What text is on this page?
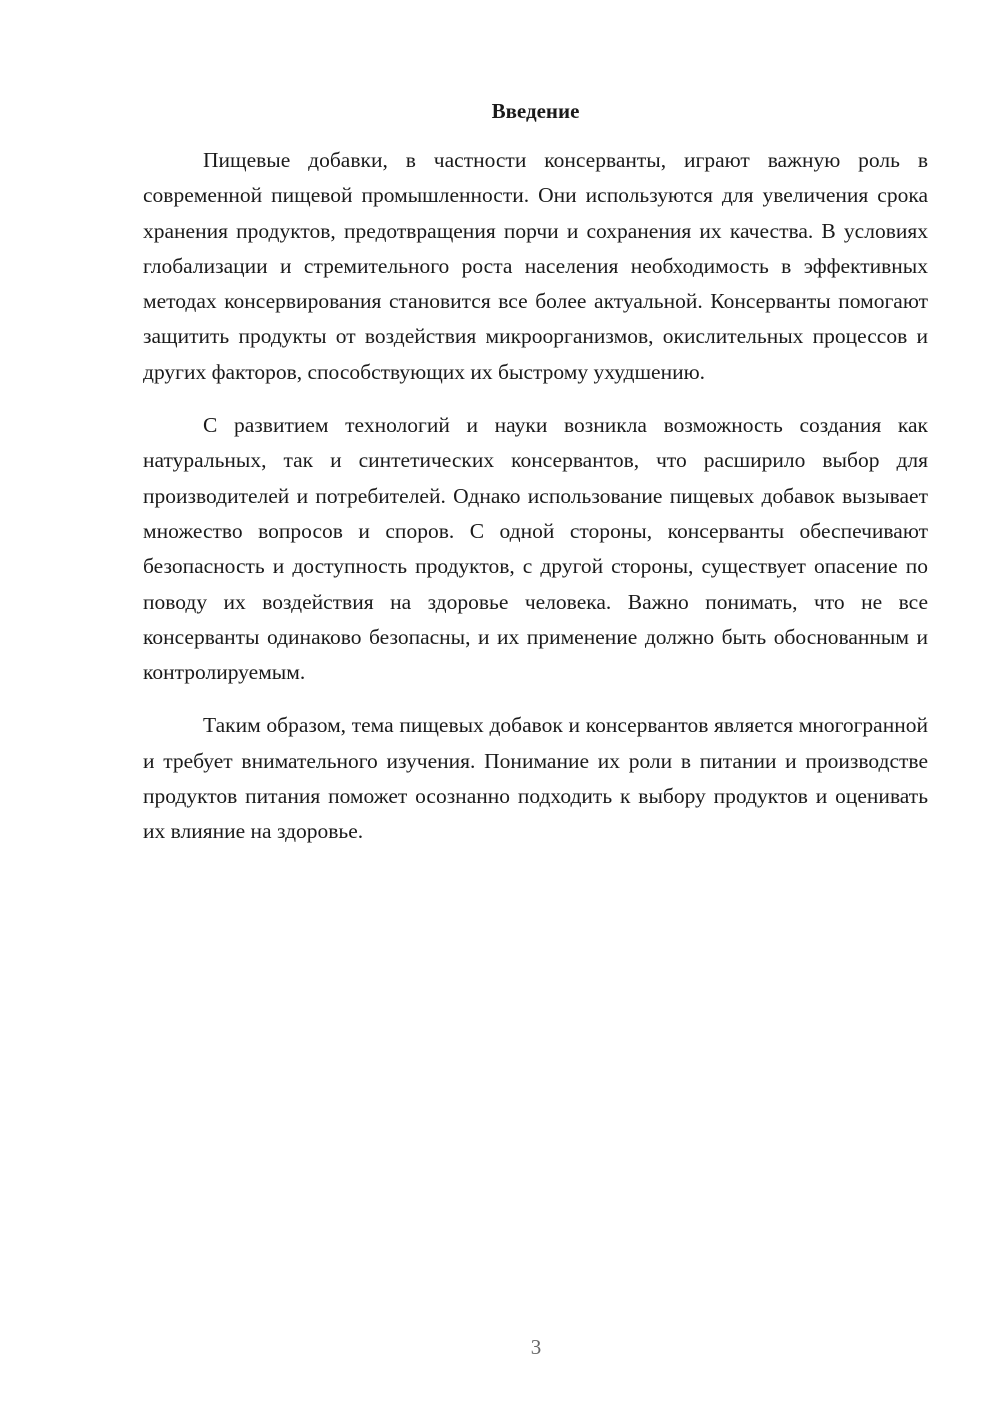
Введение

Пищевые добавки, в частности консерванты, играют важную роль в современной пищевой промышленности. Они используются для увеличения срока хранения продуктов, предотвращения порчи и сохранения их качества. В условиях глобализации и стремительного роста населения необходимость в эффективных методах консервирования становится все более актуальной. Консерванты помогают защитить продукты от воздействия микроорганизмов, окислительных процессов и других факторов, способствующих их быстрому ухудшению.

С развитием технологий и науки возникла возможность создания как натуральных, так и синтетических консервантов, что расширило выбор для производителей и потребителей. Однако использование пищевых добавок вызывает множество вопросов и споров. С одной стороны, консерванты обеспечивают безопасность и доступность продуктов, с другой стороны, существует опасение по поводу их воздействия на здоровье человека. Важно понимать, что не все консерванты одинаково безопасны, и их применение должно быть обоснованным и контролируемым.

Таким образом, тема пищевых добавок и консервантов является многогранной и требует внимательного изучения. Понимание их роли в питании и производстве продуктов питания поможет осознанно подходить к выбору продуктов и оценивать их влияние на здоровье.

3
